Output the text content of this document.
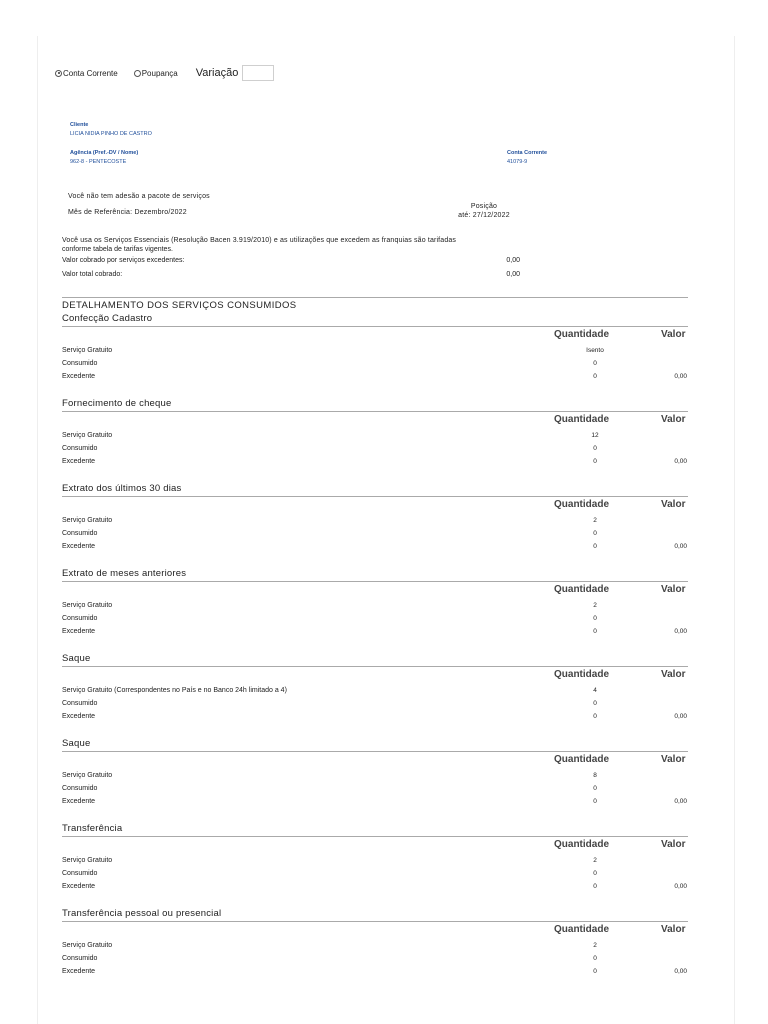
Conta Corrente	Poupança Variação
Cliente
LICIA NIDIA PINHO DE CASTRO
Agência (Pref.-DV / Nome)
962-8 - PENTECOSTE
Conta Corrente
41079-9
Você não tem adesão a pacote de serviços
Mês de Referência: Dezembro/2022
Posição
até: 27/12/2022
Você usa os Serviços Essenciais (Resolução Bacen 3.919/2010) e as utilizações que excedem as franquias são tarifadas
conforme tabela de tarifas vigentes.
Valor cobrado por serviços excedentes:	0,00
Valor total cobrado:	0,00
DETALHAMENTO DOS SERVIÇOS CONSUMIDOS
Confecção Cadastro
Quantidade	Valor
Serviço Gratuito	Isento
Consumido	0
Excedente	0	0,00
Fornecimento de cheque
Quantidade	Valor
Serviço Gratuito	12
Consumido	0
Excedente	0	0,00
Extrato dos últimos 30 dias
Quantidade	Valor
Serviço Gratuito	2
Consumido	0
Excedente	0	0,00
Extrato de meses anteriores
Quantidade	Valor
Serviço Gratuito	2
Consumido	0
Excedente	0	0,00
Saque
Quantidade	Valor
Serviço Gratuito (Correspondentes no País e no Banco 24h limitado a 4)	4
Consumido	0
Excedente	0	0,00
Saque
Quantidade	Valor
Serviço Gratuito	8
Consumido	0
Excedente	0	0,00
Transferência
Quantidade	Valor
Serviço Gratuito	2
Consumido	0
Excedente	0	0,00
Transferência pessoal ou presencial
Quantidade	Valor
Serviço Gratuito	2
Consumido	0
Excedente	0	0,00
